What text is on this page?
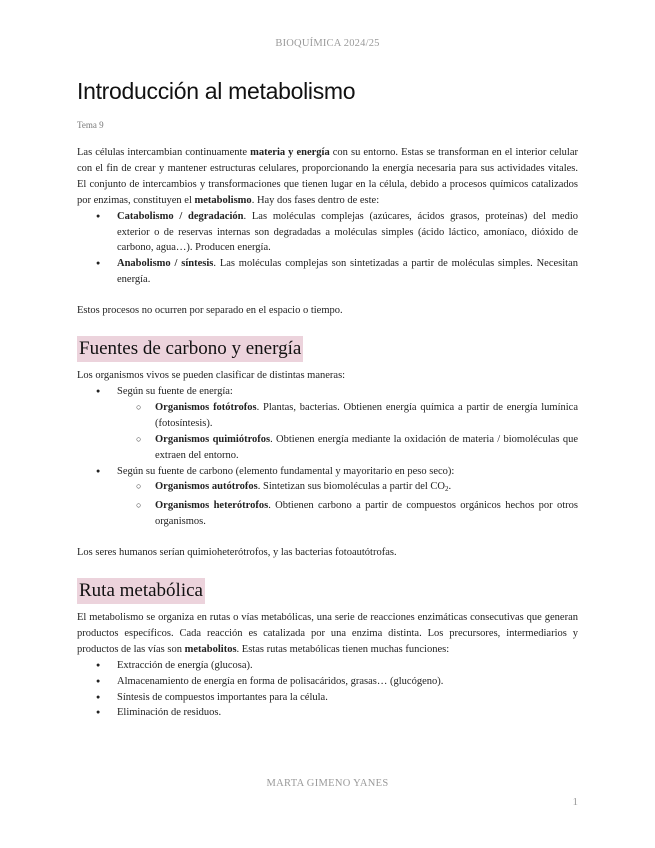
BIOQUÍMICA 2024/25
Introducción al metabolismo
Tema 9

Las células intercambian continuamente materia y energía con su entorno. Estas se transforman en el interior celular con el fin de crear y mantener estructuras celulares, proporcionando la energía necesaria para sus actividades vitales. El conjunto de intercambios y transformaciones que tienen lugar en la célula, debido a procesos químicos catalizados por enzimas, constituyen el metabolismo. Hay dos fases dentro de este:

● Catabolismo / degradación. Las moléculas complejas (azúcares, ácidos grasos, proteínas) del medio exterior o de reservas internas son degradadas a moléculas simples (ácido láctico, amoníaco, dióxido de carbono, agua…). Producen energía.
● Anabolismo / síntesis. Las moléculas complejas son sintetizadas a partir de moléculas simples. Necesitan energía.

Estos procesos no ocurren por separado en el espacio o tiempo.

Fuentes de carbono y energía

Los organismos vivos se pueden clasificar de distintas maneras:

● Según su fuente de energía:
○ Organismos fotótrofos. Plantas, bacterias. Obtienen energía química a partir de energía lumínica (fotosíntesis).
○ Organismos quimiótrofos. Obtienen energía mediante la oxidación de materia / biomoléculas que extraen del entorno.
● Según su fuente de carbono (elemento fundamental y mayoritario en peso seco):
○ Organismos autótrofos. Sintetizan sus biomoléculas a partir del $CO_2$.
○ Organismos heterótrofos. Obtienen carbono a partir de compuestos orgánicos hechos por otros organismos.

Los seres humanos serían quimioheterótrofos, y las bacterias fotoautótrofas.

Ruta metabólica

El metabolismo se organiza en rutas o vías metabólicas, una serie de reacciones enzimáticas consecutivas que generan productos específicos. Cada reacción es catalizada por una enzima distinta. Los precursores, intermediarios y productos de las vías son metabolitos. Estas rutas metabólicas tienen muchas funciones:

● Extracción de energía (glucosa).
● Almacenamiento de energía en forma de polisacáridos, grasas… (glucógeno).
● Síntesis de compuestos importantes para la célula.
● Eliminación de residuos.
MARTA GIMENO YANES
1
